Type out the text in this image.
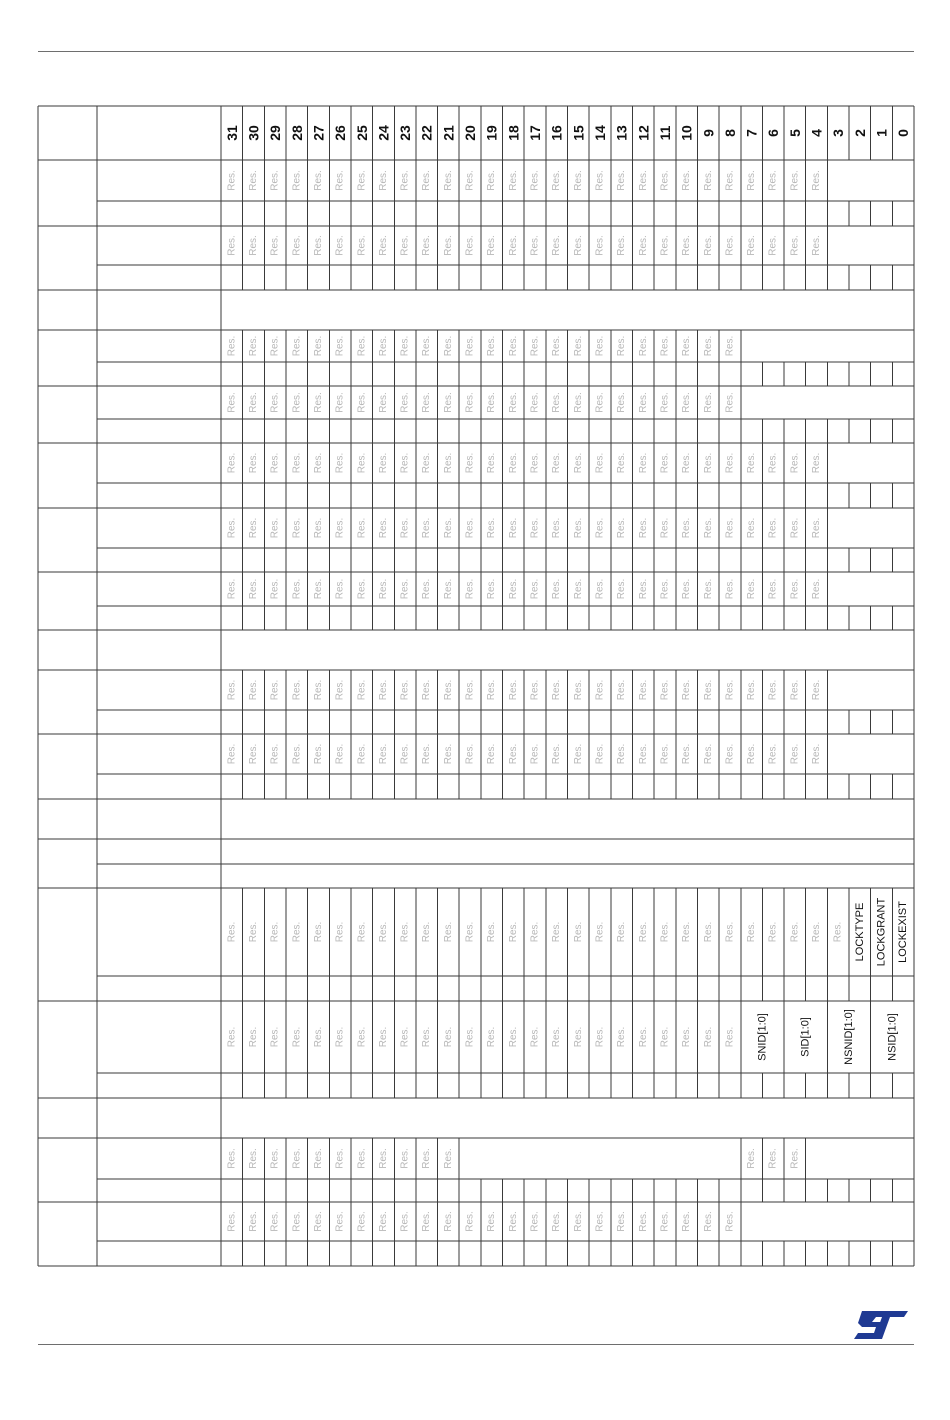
31 30 29 28 27 26 25 24 23 22 21 20 19 18 17 16 15 14 13 12 11 10 9 8 7 6 5 4 3 2 1 0
Res. Res. Res. Res. Res. Res. Res. Res. Res. Res. Res. Res. Res. Res. Res. Res. Res. Res. Res. Res. Res. Res. Res. Res. Res. Res. Res. Res.
Res. Res. Res. Res. Res. Res. Res. Res. Res. Res. Res. Res. Res. Res. Res. Res. Res. Res. Res. Res. Res. Res. Res. Res. Res. Res. Res. Res.
Res. Res. Res. Res. Res. Res. Res. Res. Res. Res. Res. Res. Res. Res. Res. Res. Res. Res. Res. Res. Res. Res. Res. Res.
Res. Res. Res. Res. Res. Res. Res. Res. Res. Res. Res. Res. Res. Res. Res. Res. Res. Res. Res. Res. Res. Res. Res. Res.
Res. Res. Res. Res. Res. Res. Res. Res. Res. Res. Res. Res. Res. Res. Res. Res. Res. Res. Res. Res. Res. Res. Res. Res. Res. Res. Res. Res.
Res. Res. Res. Res. Res. Res. Res. Res. Res. Res. Res. Res. Res. Res. Res. Res. Res. Res. Res. Res. Res. Res. Res. Res. Res. Res. Res. Res.
Res. Res. Res. Res. Res. Res. Res. Res. Res. Res. Res. Res. Res. Res. Res. Res. Res. Res. Res. Res. Res. Res. Res. Res. Res. Res. Res. Res.
Res. Res. Res. Res. Res. Res. Res. Res. Res. Res. Res. Res. Res. Res. Res. Res. Res. Res. Res. Res. Res. Res. Res. Res. Res. Res. Res. Res.
Res. Res. Res. Res. Res. Res. Res. Res. Res. Res. Res. Res. Res. Res. Res. Res. Res. Res. Res. Res. Res. Res. Res. Res. Res. Res. Res. Res.
Res. Res. Res. Res. Res. Res. Res. Res. Res. Res. Res. Res. Res. Res. Res. Res. Res. Res. Res. Res. Res. Res. Res. Res. Res. Res. Res. Res. Res. LOCKTYPE LOCKGRANT LOCKEXIST
Res. Res. Res. Res. Res. Res. Res. Res. Res. Res. Res. Res. Res. Res. Res. Res. Res. Res. Res. Res. Res. Res. Res. Res. SNID[1:0]	SID[1:0]	NSNID[1:0]	NSID[1:0]
Res. Res. Res. Res. Res. Res. Res. Res. Res. Res. Res.	Res. Res. Res.
Res. Res. Res. Res. Res. Res. Res. Res. Res. Res. Res. Res. Res. Res. Res. Res. Res. Res. Res. Res. Res. Res. Res. Res.
